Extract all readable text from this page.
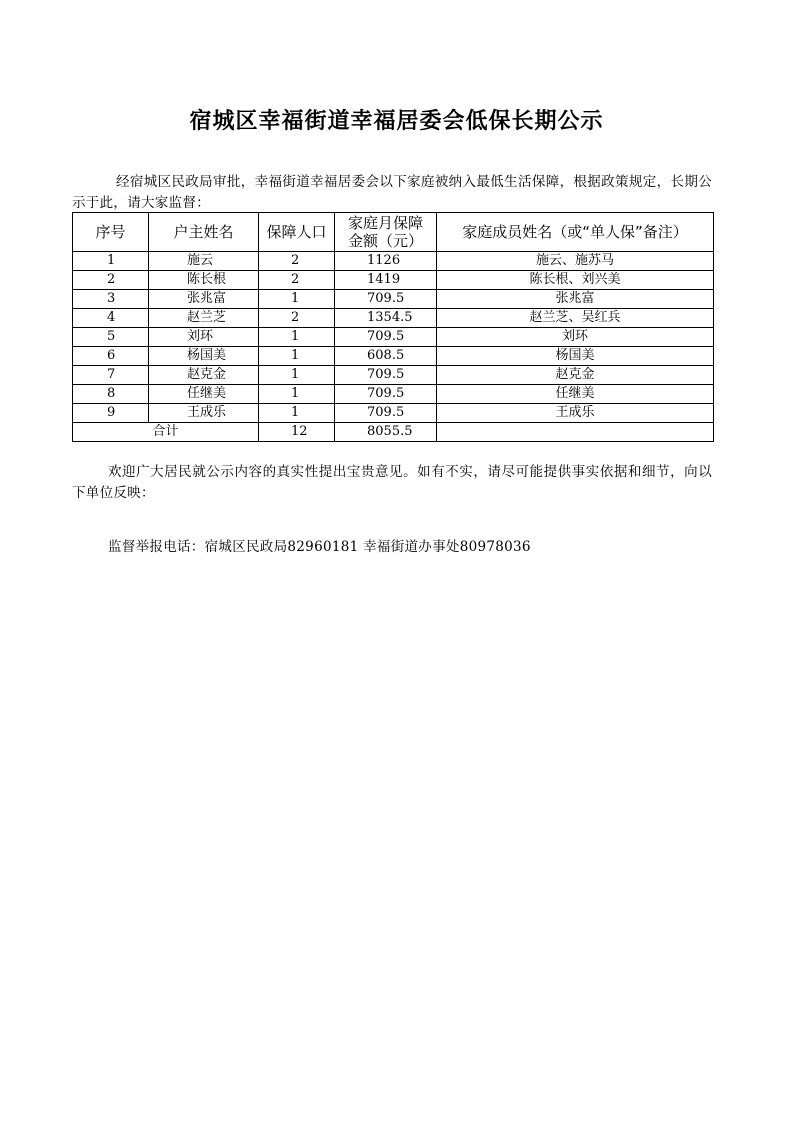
宿城区幸福街道幸福居委会低保长期公示
经宿城区民政局审批，幸福街道幸福居委会以下家庭被纳入最低生活保障，根据政策规定，长期公示于此，请大家监督：
序号	户主姓名	保障人口	家庭月保障金额（元）	家庭成员姓名（或“单人保”备注）
1	施云	2	1126	施云、施苏马
2	陈长根	2	1419	陈长根、刘兴美
3	张兆富	1	709.5	张兆富
4	赵兰芝	2	1354.5	赵兰芝、吴红兵
5	刘环	1	709.5	刘环
6	杨国美	1	608.5	杨国美
7	赵克金	1	709.5	赵克金
8	任继美	1	709.5	任继美
9	王成乐	1	709.5	王成乐
合计		12	8055.5	
欢迎广大居民就公示内容的真实性提出宝贵意见。如有不实，请尽可能提供事实依据和细节，向以下单位反映：
监督举报电话：宿城区民政局82960181 幸福街道办事处80978036
